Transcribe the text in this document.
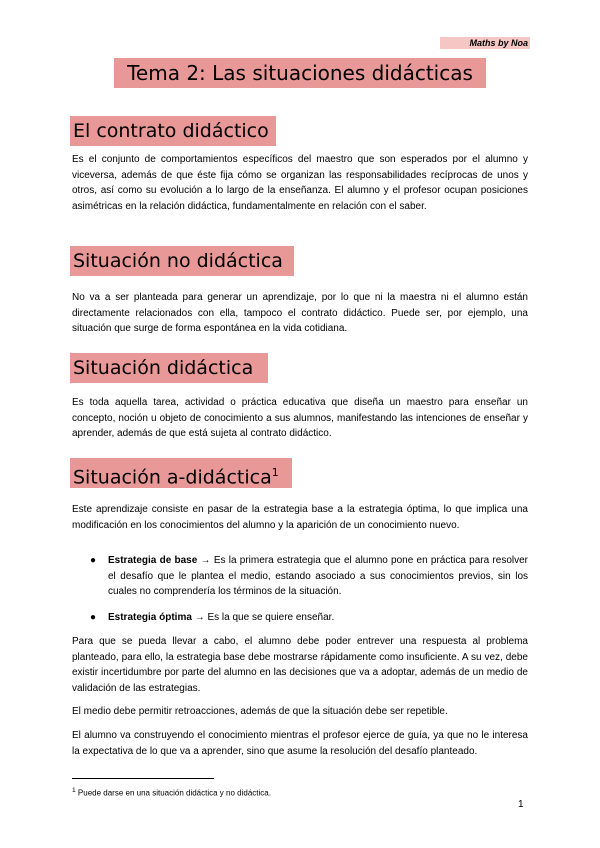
Maths by Noa
Tema 2: Las situaciones didácticas
El contrato didáctico

Es el conjunto de comportamientos específicos del maestro que son esperados por el alumno y viceversa, además de que éste fija cómo se organizan las responsabilidades recíprocas de unos y otros, así como su evolución a lo largo de la enseñanza. El alumno y el profesor ocupan posiciones asimétricas en la relación didáctica, fundamentalmente en relación con el saber.

Situación no didáctica

No va a ser planteada para generar un aprendizaje, por lo que ni la maestra ni el alumno están directamente relacionados con ella, tampoco el contrato didáctico. Puede ser, por ejemplo, una situación que surge de forma espontánea en la vida cotidiana.

Situación didáctica

Es toda aquella tarea, actividad o práctica educativa que diseña un maestro para enseñar un concepto, noción u objeto de conocimiento a sus alumnos, manifestando las intenciones de enseñar y aprender, además de que está sujeta al contrato didáctico.

Situación a-didáctica$^1$

Este aprendizaje consiste en pasar de la estrategia base a la estrategia óptima, lo que implica una modificación en los conocimientos del alumno y la aparición de un conocimiento nuevo.

● Estrategia de base → Es la primera estrategia que el alumno pone en práctica para resolver el desafío que le plantea el medio, estando asociado a sus conocimientos previos, sin los cuales no comprendería los términos de la situación.
● Estrategia óptima → Es la que se quiere enseñar.

Para que se pueda llevar a cabo, el alumno debe poder entrever una respuesta al problema planteado, para ello, la estrategia base debe mostrarse rápidamente como insuficiente. A su vez, debe existir incertidumbre por parte del alumno en las decisiones que va a adoptar, además de un medio de validación de las estrategias.

El medio debe permitir retroacciones, además de que la situación debe ser repetible.

El alumno va construyendo el conocimiento mientras el profesor ejerce de guía, ya que no le interesa la expectativa de lo que va a aprender, sino que asume la resolución del desafío planteado.

$^1$ Puede darse en una situación didáctica y no didáctica.
1
